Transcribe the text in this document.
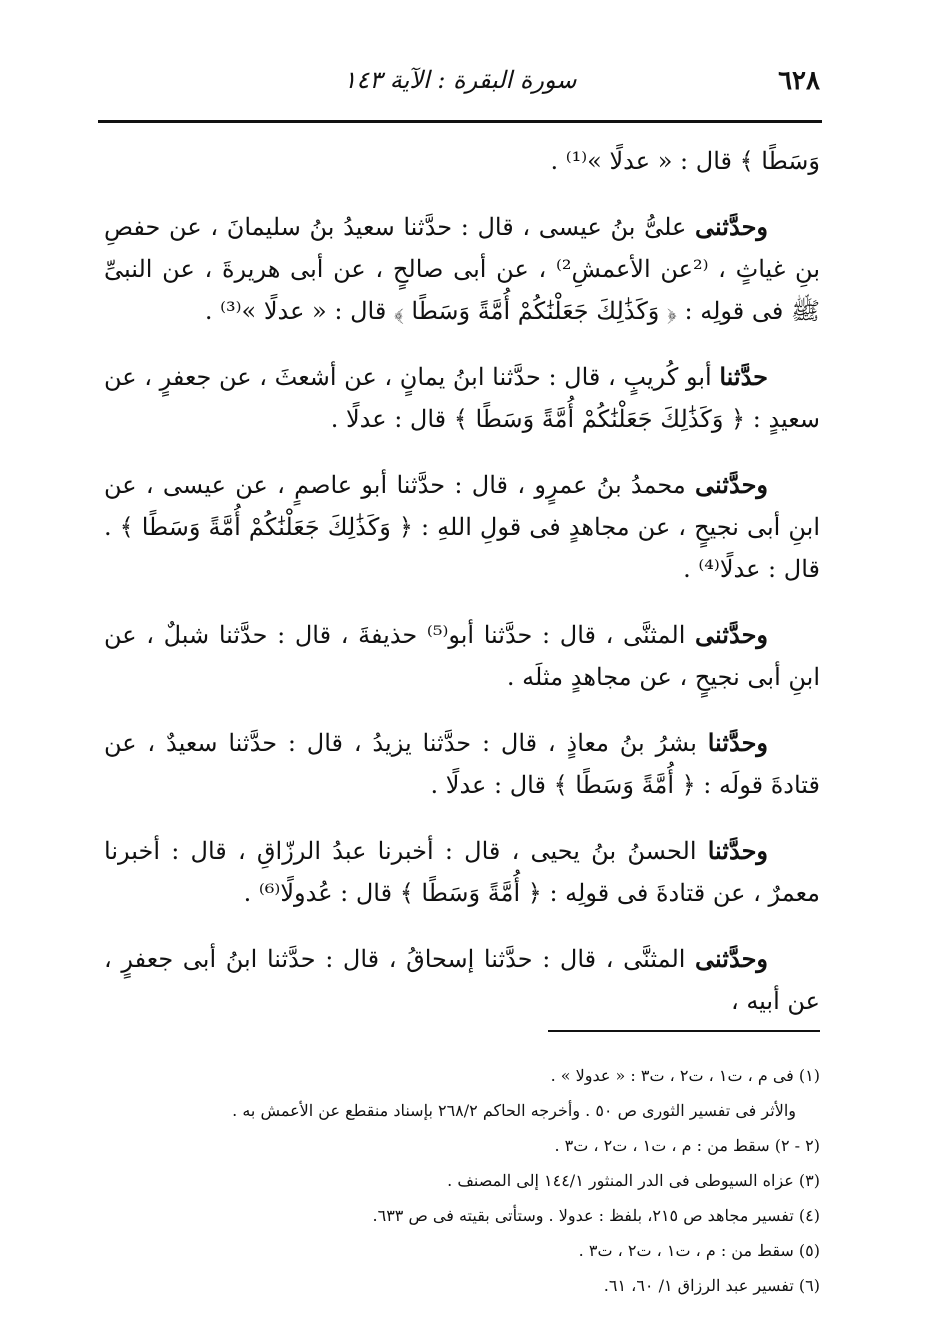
٦٢٨
سورة البقرة : الآية ١٤٣

وَسَطًا ﴾ قال : « عدلًا »⁽¹⁾ .

وحدَّثنى علىُّ بنُ عيسى ، قال : حدَّثنا سعيدُ بنُ سليمانَ ، عن حفصِ بنِ غياثٍ ، ⁽²عن الأعمشِ²⁾ ، عن أبى صالحٍ ، عن أبى هريرةَ ، عن النبىِّ ﷺ فى قولِه : ﴿ وَكَذَٰلِكَ جَعَلْنَٰكُمْ أُمَّةً وَسَطًا ﴾ قال : « عدلًا »⁽³⁾ .

حدَّثنا أبو كُريبٍ ، قال : حدَّثنا ابنُ يمانٍ ، عن أشعثَ ، عن جعفرٍ ، عن سعيدٍ : ﴿ وَكَذَٰلِكَ جَعَلْنَٰكُمْ أُمَّةً وَسَطًا ﴾ قال : عدلًا .

وحدَّثنى محمدُ بنُ عمرٍو ، قال : حدَّثنا أبو عاصمٍ ، عن عيسى ، عن ابنِ أبى نجيحٍ ، عن مجاهدٍ فى قولِ اللهِ : ﴿ وَكَذَٰلِكَ جَعَلْنَٰكُمْ أُمَّةً وَسَطًا ﴾ . قال : عدلًا⁽⁴⁾ .

وحدَّثنى المثنَّى ، قال : حدَّثنا أبو⁽⁵⁾ حذيفةَ ، قال : حدَّثنا شبلٌ ، عن ابنِ أبى نجيحٍ ، عن مجاهدٍ مثلَه .

وحدَّثنا بشرُ بنُ معاذٍ ، قال : حدَّثنا يزيدُ ، قال : حدَّثنا سعيدٌ ، عن قتادةَ قولَه : ﴿ أُمَّةً وَسَطًا ﴾ قال : عدلًا .

وحدَّثنا الحسنُ بنُ يحيى ، قال : أخبرنا عبدُ الرزّاقِ ، قال : أخبرنا معمرٌ ، عن قتادةَ فى قولِه : ﴿ أُمَّةً وَسَطًا ﴾ قال : عُدولًا⁽⁶⁾ .

وحدَّثنى المثنَّى ، قال : حدَّثنا إسحاقُ ، قال : حدَّثنا ابنُ أبى جعفرٍ ، عن أبيه ،

(١) فى م ، ت١ ، ت٢ ، ت٣ : « عدولا » .
والأثر فى تفسير الثورى ص ٥٠ . وأخرجه الحاكم ٢٦٨/٢ بإسناد منقطع عن الأعمش به .
(٢ - ٢) سقط من : م ، ت١ ، ت٢ ، ت٣ .
(٣) عزاه السيوطى فى الدر المنثور ١٤٤/١ إلى المصنف .
(٤) تفسير مجاهد ص ٢١٥، بلفظ : عدولا . وستأتى بقيته فى ص ٦٣٣.
(٥) سقط من : م ، ت١ ، ت٢ ، ت٣ .
(٦) تفسير عبد الرزاق ١/ ٦٠، ٦١.
